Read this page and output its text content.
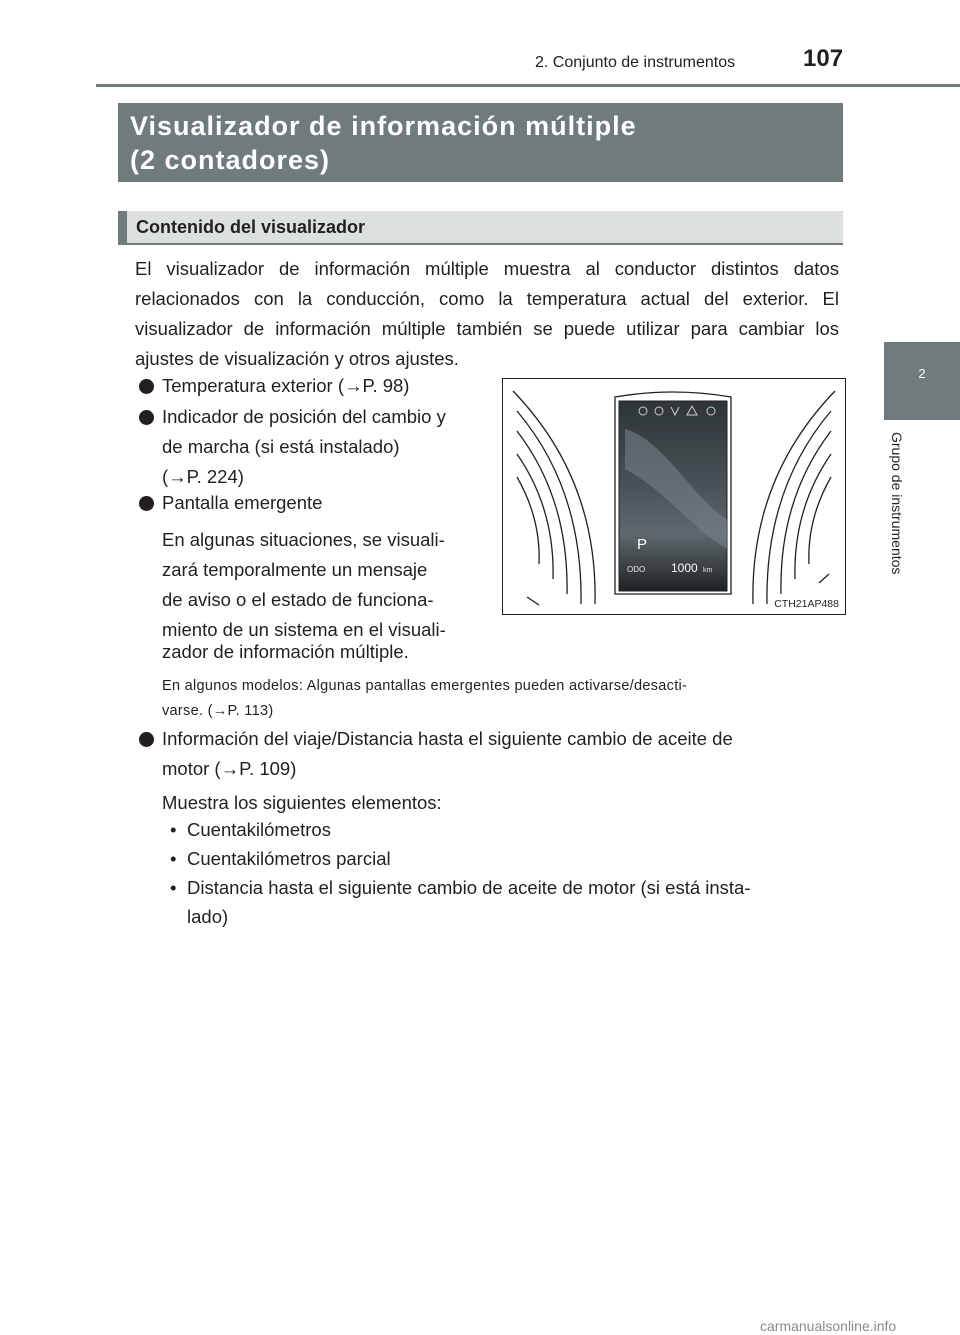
2. Conjunto de instrumentos	107
2
Grupo de instrumentos
Visualizador de información múltiple
(2 contadores)
Contenido del visualizador
El visualizador de información múltiple muestra al conductor distintos datos relacionados con la conducción, como la temperatura actual del exterior. El visualizador de información múltiple también se puede utilizar para cambiar los ajustes de visualización y otros ajustes.
Temperatura exterior (→P. 98)
Indicador de posición del cambio y
de marcha (si está instalado)
(→P. 224)
Pantalla emergente
En algunas situaciones, se visuali-
zará temporalmente un mensaje
de aviso o el estado de funciona-
miento de un sistema en el visuali-
zador de información múltiple.
En algunos modelos: Algunas pantallas emergentes pueden activarse/desacti-
varse. (→P. 113)
Información del viaje/Distancia hasta el siguiente cambio de aceite de
motor (→P. 109)
Muestra los siguientes elementos:
• Cuentakilómetros
• Cuentakilómetros parcial
• Distancia hasta el siguiente cambio de aceite de motor (si está insta-
lado)
P
ODO 1000 km
CTH21AP488
carmanualsonline.info
